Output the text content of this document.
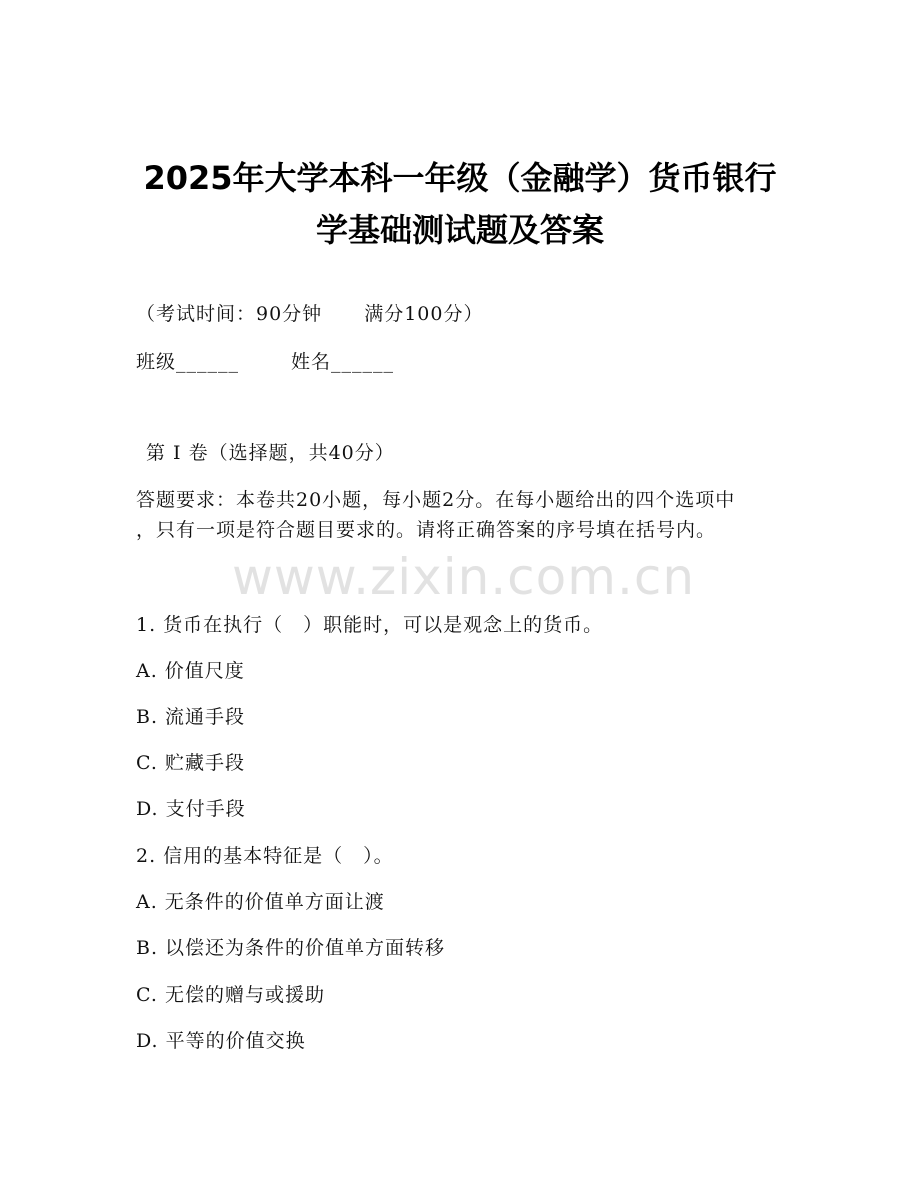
2025年大学本科一年级（金融学）货币银行
学基础测试题及答案
（考试时间：90分钟 满分100分）
班级______	姓名______
第 I 卷（选择题，共40分）
答题要求：本卷共20小题，每小题2分。在每小题给出的四个选项中
，只有一项是符合题目要求的。请将正确答案的序号填在括号内。
www.zixin.com.cn
1. 货币在执行（　）职能时，可以是观念上的货币。
A. 价值尺度
B. 流通手段
C. 贮藏手段
D. 支付手段
2. 信用的基本特征是（　）。
A. 无条件的价值单方面让渡
B. 以偿还为条件的价值单方面转移
C. 无偿的赠与或援助
D. 平等的价值交换
